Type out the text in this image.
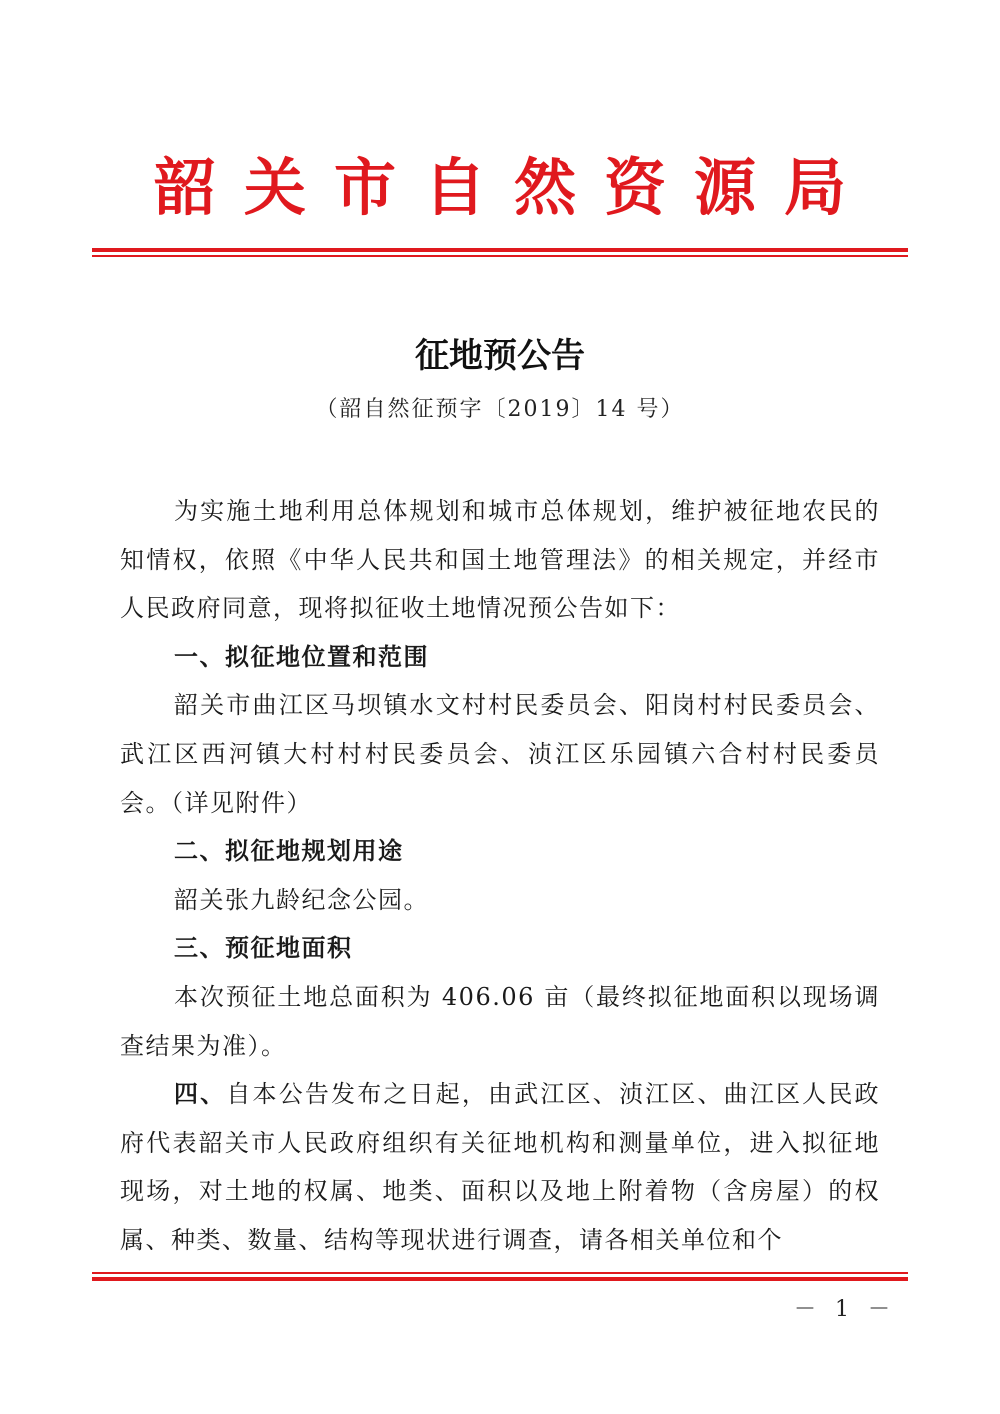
韶关市自然资源局
征地预公告
（韶自然征预字〔2019〕14 号）

为实施土地利用总体规划和城市总体规划，维护被征地农民的知情权，依照《中华人民共和国土地管理法》的相关规定，并经市人民政府同意，现将拟征收土地情况预公告如下：

一、拟征地位置和范围

韶关市曲江区马坝镇水文村村民委员会、阳岗村村民委员会、武江区西河镇大村村村民委员会、浈江区乐园镇六合村村民委员会。（详见附件）

二、拟征地规划用途

韶关张九龄纪念公园。

三、预征地面积

本次预征土地总面积为 406.06 亩（最终拟征地面积以现场调查结果为准）。

四、自本公告发布之日起，由武江区、浈江区、曲江区人民政府代表韶关市人民政府组织有关征地机构和测量单位，进入拟征地现场，对土地的权属、地类、面积以及地上附着物（含房屋）的权属、种类、数量、结构等现状进行调查，请各相关单位和个

－ 1 －
